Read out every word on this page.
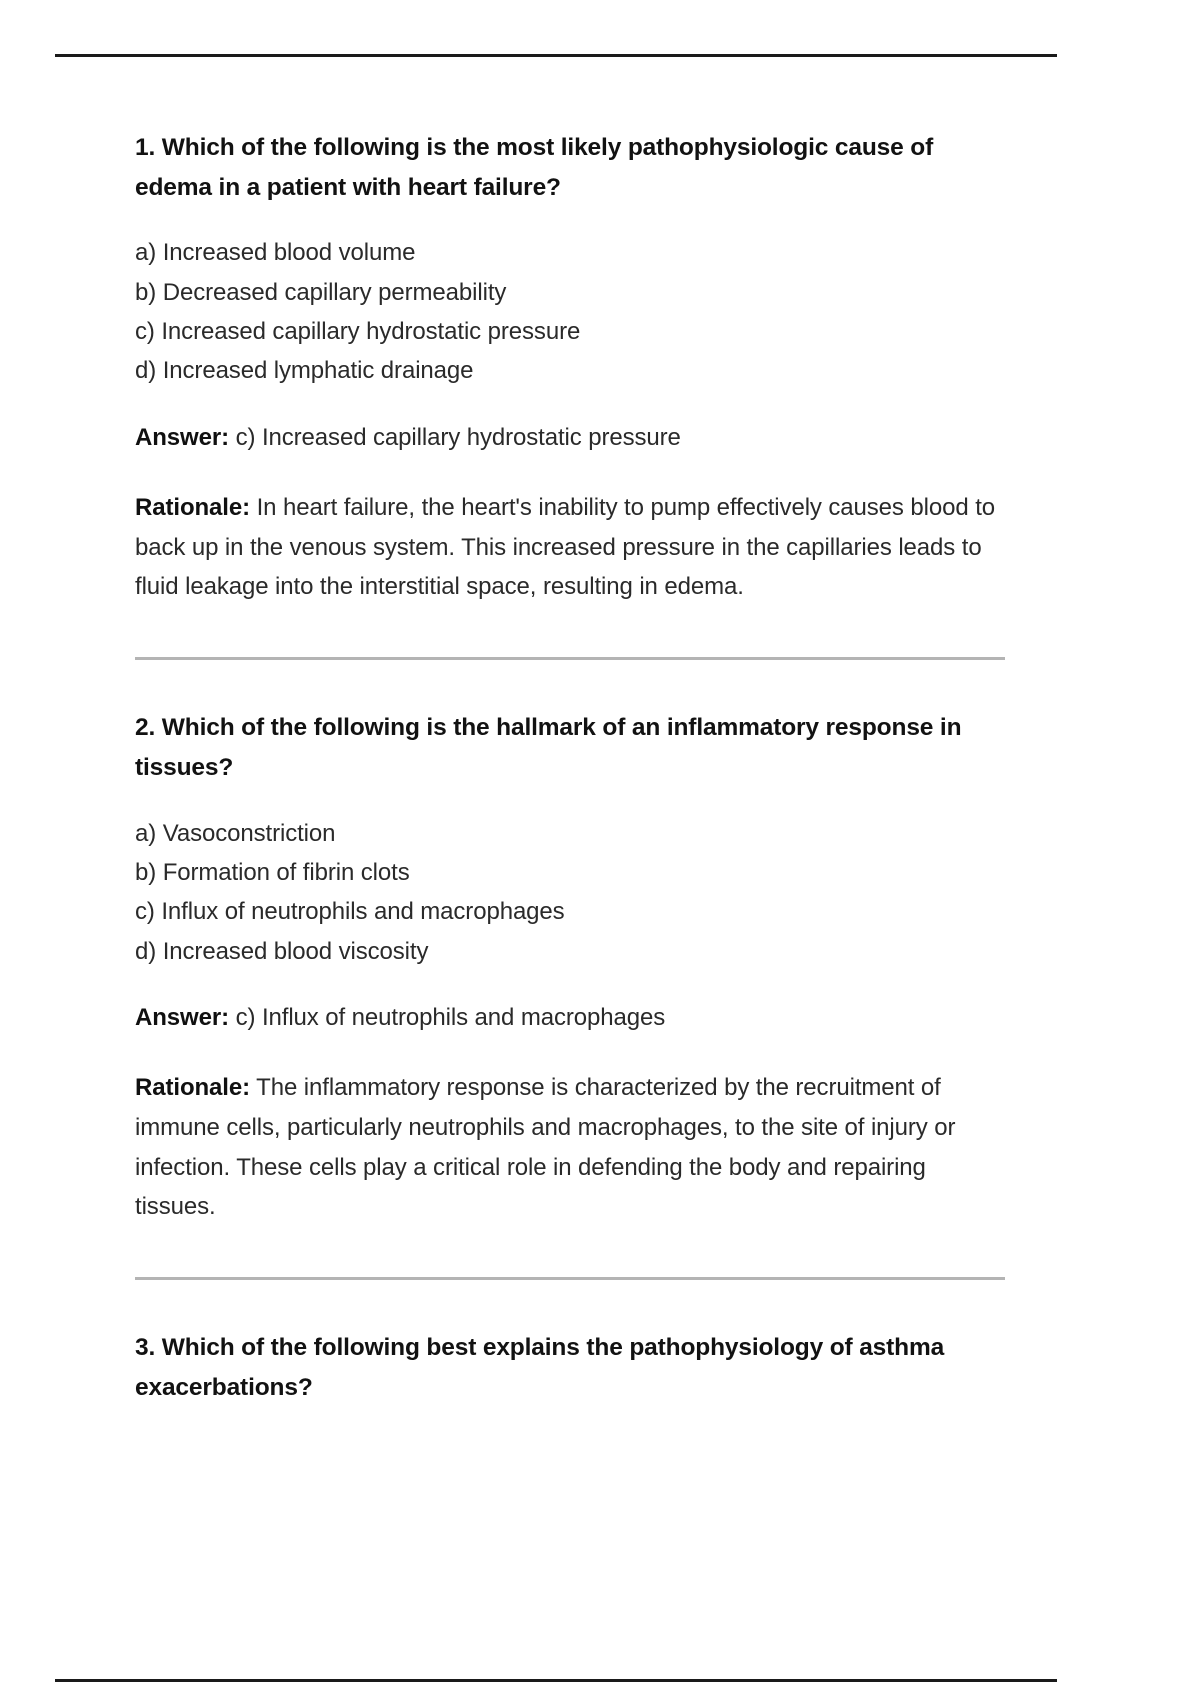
1. Which of the following is the most likely pathophysiologic cause of edema in a patient with heart failure?
a) Increased blood volume
b) Decreased capillary permeability
c) Increased capillary hydrostatic pressure
d) Increased lymphatic drainage
Answer: c) Increased capillary hydrostatic pressure
Rationale: In heart failure, the heart's inability to pump effectively causes blood to back up in the venous system. This increased pressure in the capillaries leads to fluid leakage into the interstitial space, resulting in edema.
2. Which of the following is the hallmark of an inflammatory response in tissues?
a) Vasoconstriction
b) Formation of fibrin clots
c) Influx of neutrophils and macrophages
d) Increased blood viscosity
Answer: c) Influx of neutrophils and macrophages
Rationale: The inflammatory response is characterized by the recruitment of immune cells, particularly neutrophils and macrophages, to the site of injury or infection. These cells play a critical role in defending the body and repairing tissues.
3. Which of the following best explains the pathophysiology of asthma exacerbations?
